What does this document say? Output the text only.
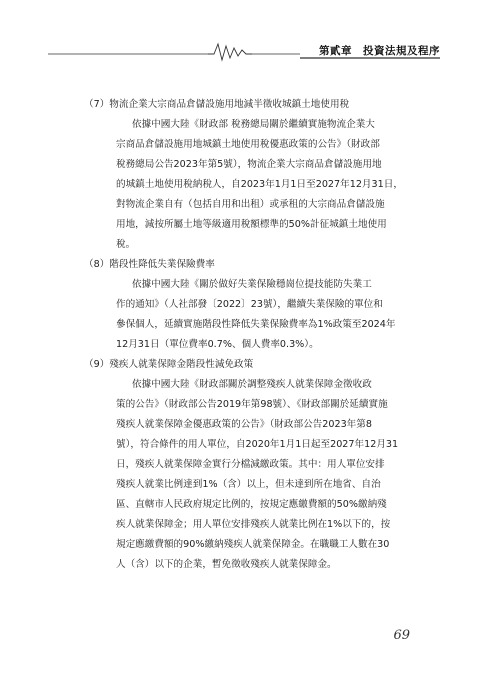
第貳章　投資法規及程序
（7）物流企業大宗商品倉儲設施用地減半徵收城鎮土地使用稅
依據中國大陸《財政部 稅務總局關於繼續實施物流企業大
宗商品倉儲設施用地城鎮土地使用稅優惠政策的公告》（財政部
稅務總局公告2023年第5號），物流企業大宗商品倉儲設施用地
的城鎮土地使用稅納稅人，自2023年1月1日至2027年12月31日，
對物流企業自有（包括自用和出租）或承租的大宗商品倉儲設施
用地，減按所屬土地等級適用稅額標準的50%計征城鎮土地使用
稅。
（8）階段性降低失業保險費率
依據中國大陸《關於做好失業保險穩崗位提技能防失業工
作的通知》（人社部發〔2022〕23號），繼續失業保險的單位和
參保個人，延續實施階段性降低失業保險費率為1%政策至2024年
12月31日（單位費率0.7%、個人費率0.3%）。
（9）殘疾人就業保障金階段性減免政策
依據中國大陸《財政部關於調整殘疾人就業保障金徵收政
策的公告》（財政部公告2019年第98號）、《財政部關於延續實施
殘疾人就業保障金優惠政策的公告》（財政部公告2023年第8
號），符合條件的用人單位，自2020年1月1日起至2027年12月31
日，殘疾人就業保障金實行分檔減繳政策。其中：用人單位安排
殘疾人就業比例達到1%（含）以上，但未達到所在地省、自治
區、直轄市人民政府規定比例的，按規定應繳費額的50%繳納殘
疾人就業保障金；用人單位安排殘疾人就業比例在1%以下的，按
規定應繳費額的90%繳納殘疾人就業保障金。在職職工人數在30
人（含）以下的企業，暫免徵收殘疾人就業保障金。
69
